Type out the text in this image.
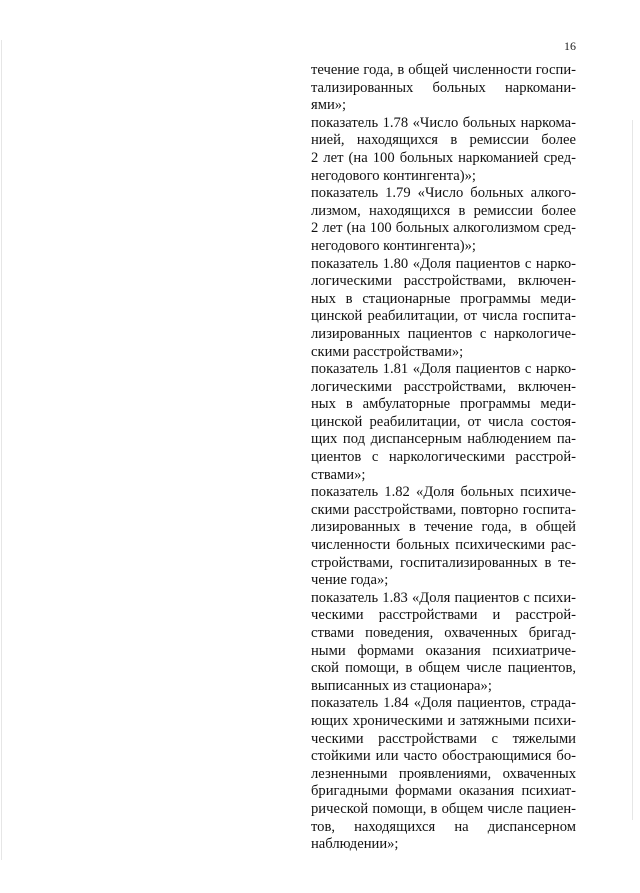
16
течение года, в общей численности госпи-
тализированных больных наркомани-
ями»;
показатель 1.78 «Число больных наркома-
нией, находящихся в ремиссии более
2 лет (на 100 больных наркоманией сред-
негодового контингента)»;
показатель 1.79 «Число больных алкого-
лизмом, находящихся в ремиссии более
2 лет (на 100 больных алкоголизмом сред-
негодового контингента)»;
показатель 1.80 «Доля пациентов с нарко-
логическими расстройствами, включен-
ных в стационарные программы меди-
цинской реабилитации, от числа госпита-
лизированных пациентов с наркологиче-
скими расстройствами»;
показатель 1.81 «Доля пациентов с нарко-
логическими расстройствами, включен-
ных в амбулаторные программы меди-
цинской реабилитации, от числа состоя-
щих под диспансерным наблюдением па-
циентов с наркологическими расстрой-
ствами»;
показатель 1.82 «Доля больных психиче-
скими расстройствами, повторно госпита-
лизированных в течение года, в общей
численности больных психическими рас-
стройствами, госпитализированных в те-
чение года»;
показатель 1.83 «Доля пациентов с психи-
ческими расстройствами и расстрой-
ствами поведения, охваченных бригад-
ными формами оказания психиатриче-
ской помощи, в общем числе пациентов,
выписанных из стационара»;
показатель 1.84 «Доля пациентов, страда-
ющих хроническими и затяжными психи-
ческими расстройствами с тяжелыми
стойкими или часто обострающимися бо-
лезненными проявлениями, охваченных
бригадными формами оказания психиат-
рической помощи, в общем числе пациен-
тов, находящихся на диспансерном
наблюдении»;
